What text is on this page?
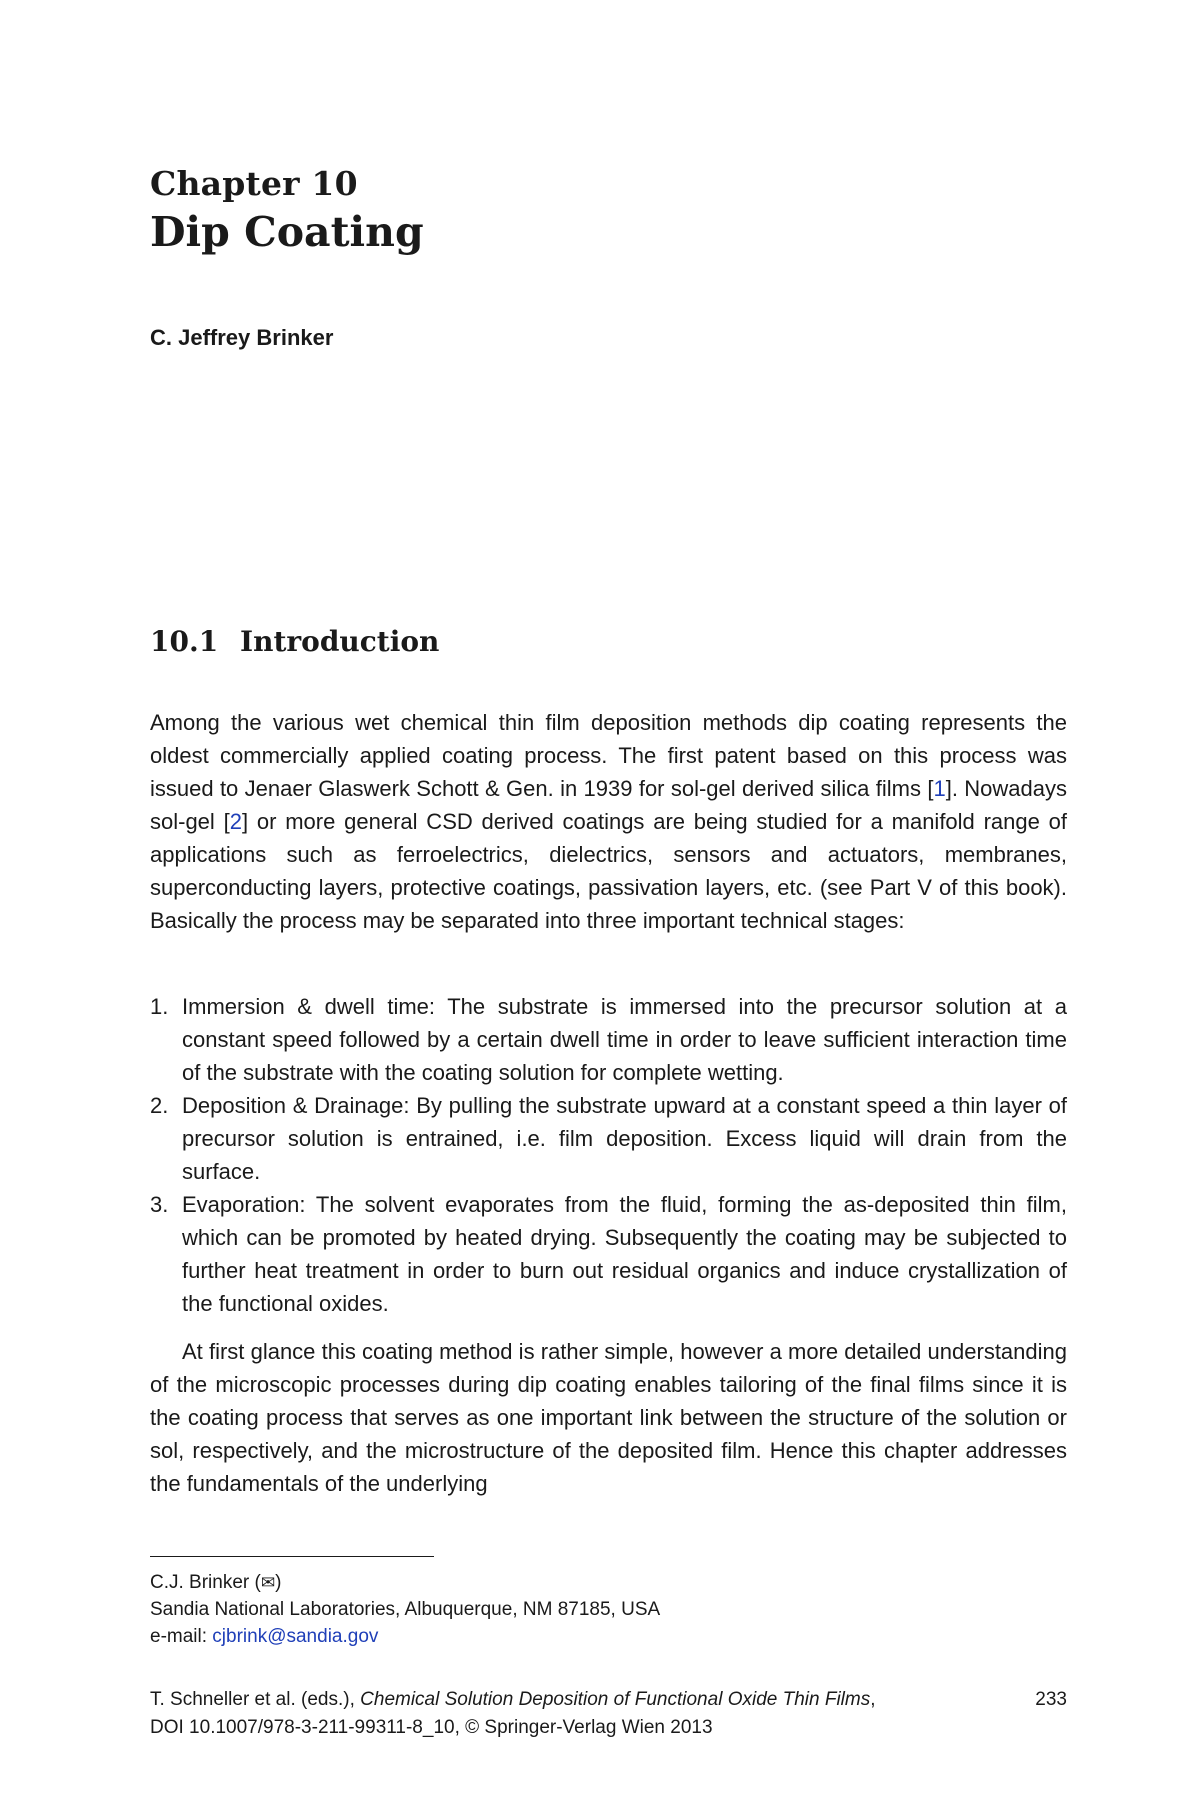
Chapter 10
Dip Coating
C. Jeffrey Brinker
10.1 Introduction

Among the various wet chemical thin film deposition methods dip coating represents the oldest commercially applied coating process. The first patent based on this process was issued to Jenaer Glaswerk Schott & Gen. in 1939 for sol-gel derived silica films [1]. Nowadays sol-gel [2] or more general CSD derived coatings are being studied for a manifold range of applications such as ferroelectrics, dielectrics, sensors and actuators, membranes, superconducting layers, protective coatings, passivation layers, etc. (see Part V of this book). Basically the process may be separated into three important technical stages:

1. Immersion & dwell time: The substrate is immersed into the precursor solution at a constant speed followed by a certain dwell time in order to leave sufficient interaction time of the substrate with the coating solution for complete wetting.
2. Deposition & Drainage: By pulling the substrate upward at a constant speed a thin layer of precursor solution is entrained, i.e. film deposition. Excess liquid will drain from the surface.
3. Evaporation: The solvent evaporates from the fluid, forming the as-deposited thin film, which can be promoted by heated drying. Subsequently the coating may be subjected to further heat treatment in order to burn out residual organics and induce crystallization of the functional oxides.

At first glance this coating method is rather simple, however a more detailed understanding of the microscopic processes during dip coating enables tailoring of the final films since it is the coating process that serves as one important link between the structure of the solution or sol, respectively, and the microstructure of the deposited film. Hence this chapter addresses the fundamentals of the underlying

C.J. Brinker (✉)
Sandia National Laboratories, Albuquerque, NM 87185, USA
e-mail: cjbrink@sandia.gov
T. Schneller et al. (eds.), Chemical Solution Deposition of Functional Oxide Thin Films,
DOI 10.1007/978-3-211-99311-8_10, © Springer-Verlag Wien 2013
233
